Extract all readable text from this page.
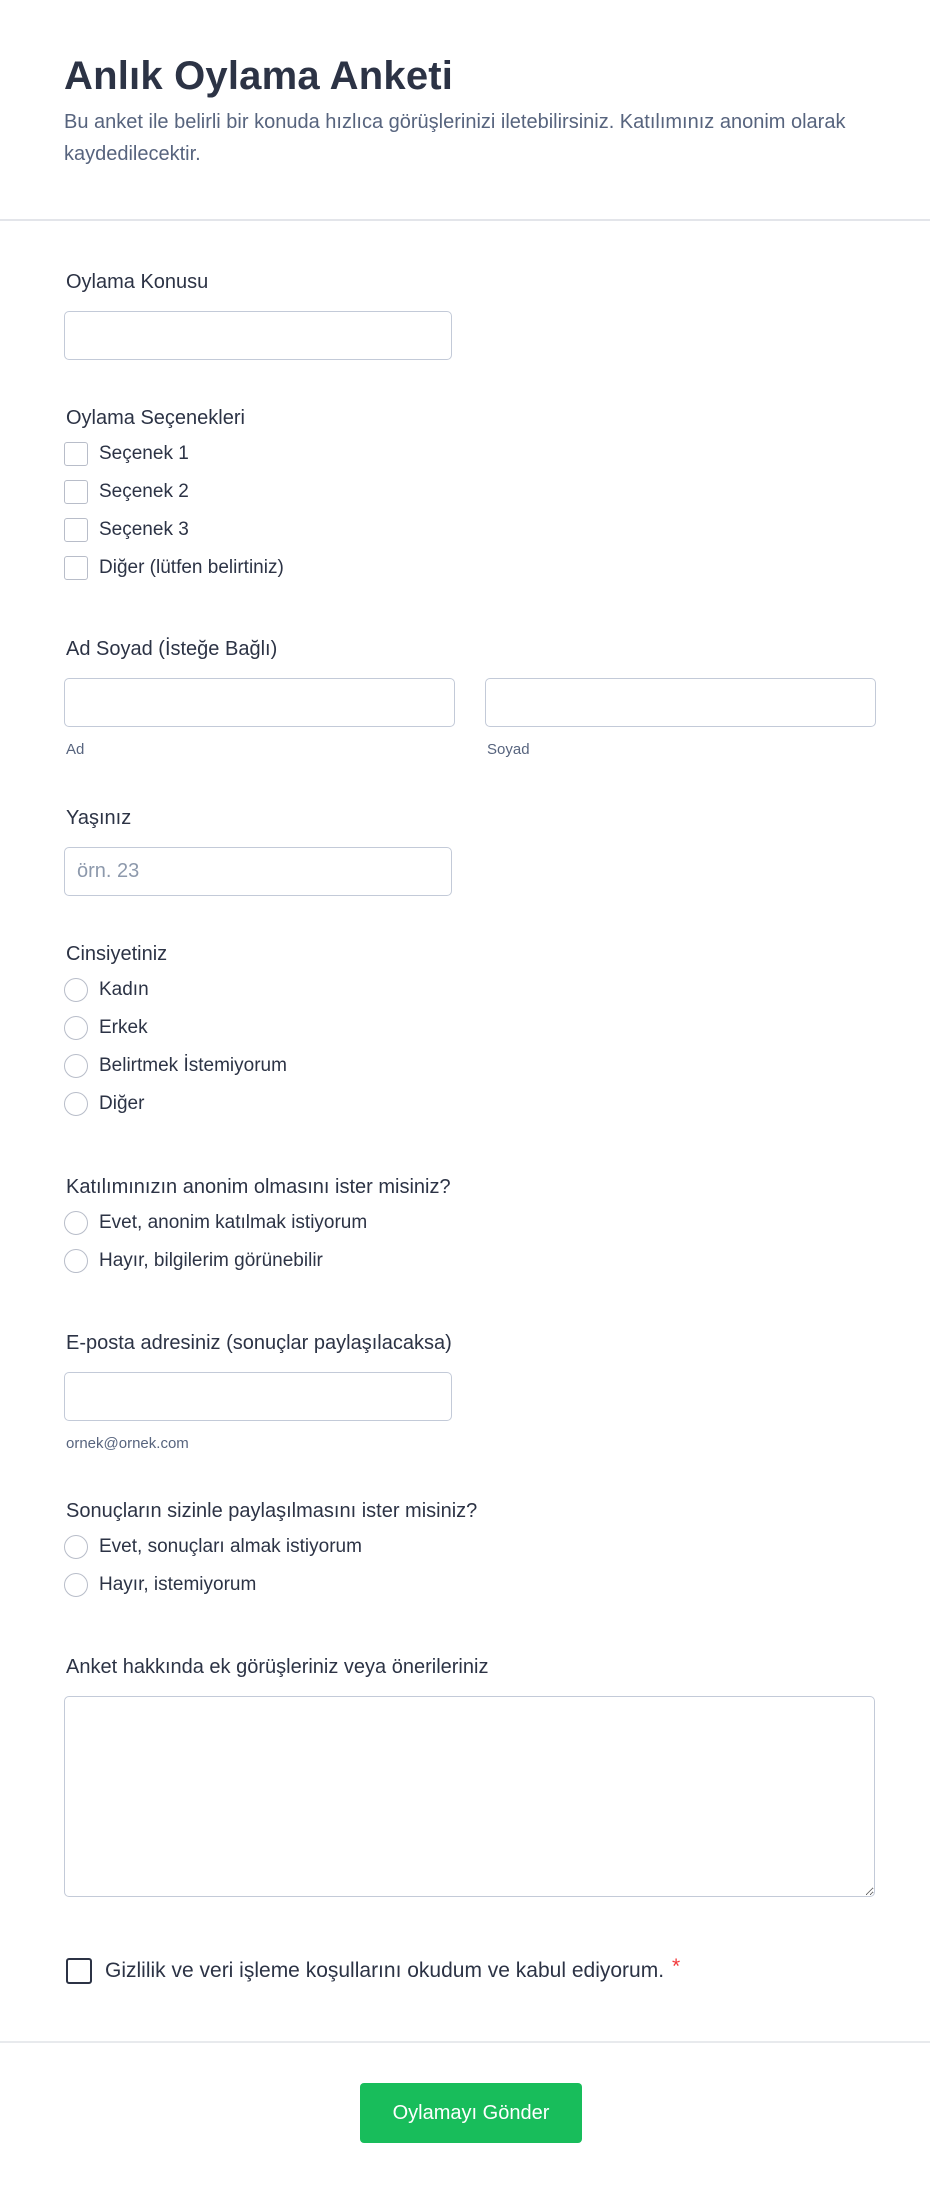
Anlık Oylama Anketi

Bu anket ile belirli bir konuda hızlıca görüşlerinizi iletebilirsiniz. Katılımınız anonim olarak kaydedilecektir.

Oylama Konusu
Oylama Seçenekleri
Seçenek 1
Seçenek 2
Seçenek 3
Diğer (lütfen belirtiniz)
Ad Soyad (İsteğe Bağlı)
Ad	Soyad
Yaşınız
örn. 23
Cinsiyetiniz
Kadın
Erkek
Belirtmek İstemiyorum
Diğer
Katılımınızın anonim olmasını ister misiniz?
Evet, anonim katılmak istiyorum
Hayır, bilgilerim görünebilir
E-posta adresiniz (sonuçlar paylaşılacaksa)
ornek@ornek.com
Sonuçların sizinle paylaşılmasını ister misiniz?
Evet, sonuçları almak istiyorum
Hayır, istemiyorum
Anket hakkında ek görüşleriniz veya önerileriniz
Gizlilik ve veri işleme koşullarını okudum ve kabul ediyorum. *
Oylamayı Gönder
